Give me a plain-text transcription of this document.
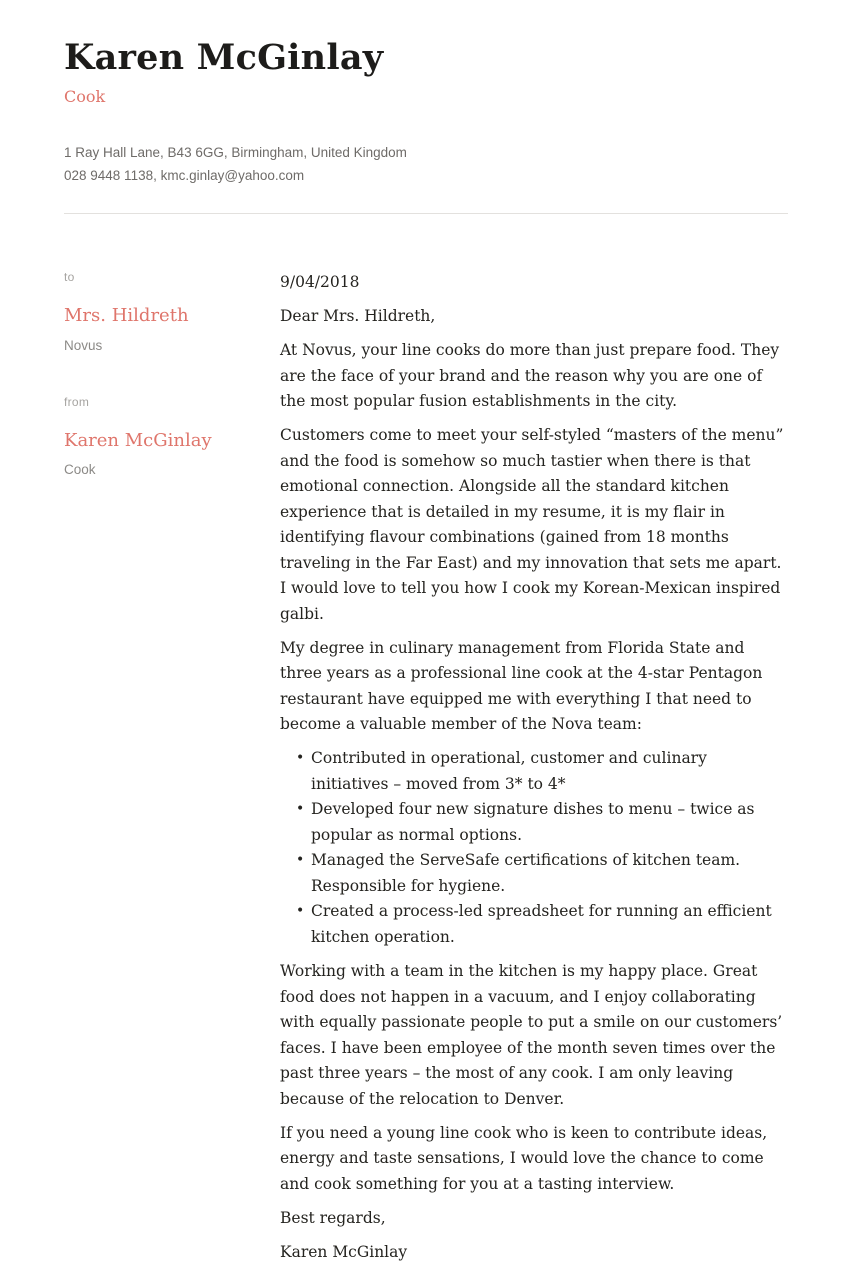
Karen McGinlay
Cook
1 Ray Hall Lane, B43 6GG, Birmingham, United Kingdom
028 9448 1138, kmc.ginlay@yahoo.com
to
Mrs. Hildreth
Novus
from
Karen McGinlay
Cook

9/04/2018

Dear Mrs. Hildreth,

At Novus, your line cooks do more than just prepare food. They are the face of your brand and the reason why you are one of the most popular fusion establishments in the city.

Customers come to meet your self-styled “masters of the menu” and the food is somehow so much tastier when there is that emotional connection. Alongside all the standard kitchen experience that is detailed in my resume, it is my flair in identifying flavour combinations (gained from 18 months traveling in the Far East) and my innovation that sets me apart. I would love to tell you how I cook my Korean-Mexican inspired galbi.

My degree in culinary management from Florida State and three years as a professional line cook at the 4-star Pentagon restaurant have equipped me with everything I that need to become a valuable member of the Nova team:

• Contributed in operational, customer and culinary initiatives – moved from 3* to 4*
• Developed four new signature dishes to menu – twice as popular as normal options.
• Managed the ServeSafe certifications of kitchen team. Responsible for hygiene.
• Created a process-led spreadsheet for running an efficient kitchen operation.

Working with a team in the kitchen is my happy place. Great food does not happen in a vacuum, and I enjoy collaborating with equally passionate people to put a smile on our customers’ faces. I have been employee of the month seven times over the past three years – the most of any cook. I am only leaving because of the relocation to Denver.

If you need a young line cook who is keen to contribute ideas, energy and taste sensations, I would love the chance to come and cook something for you at a tasting interview.

Best regards,

Karen McGinlay
